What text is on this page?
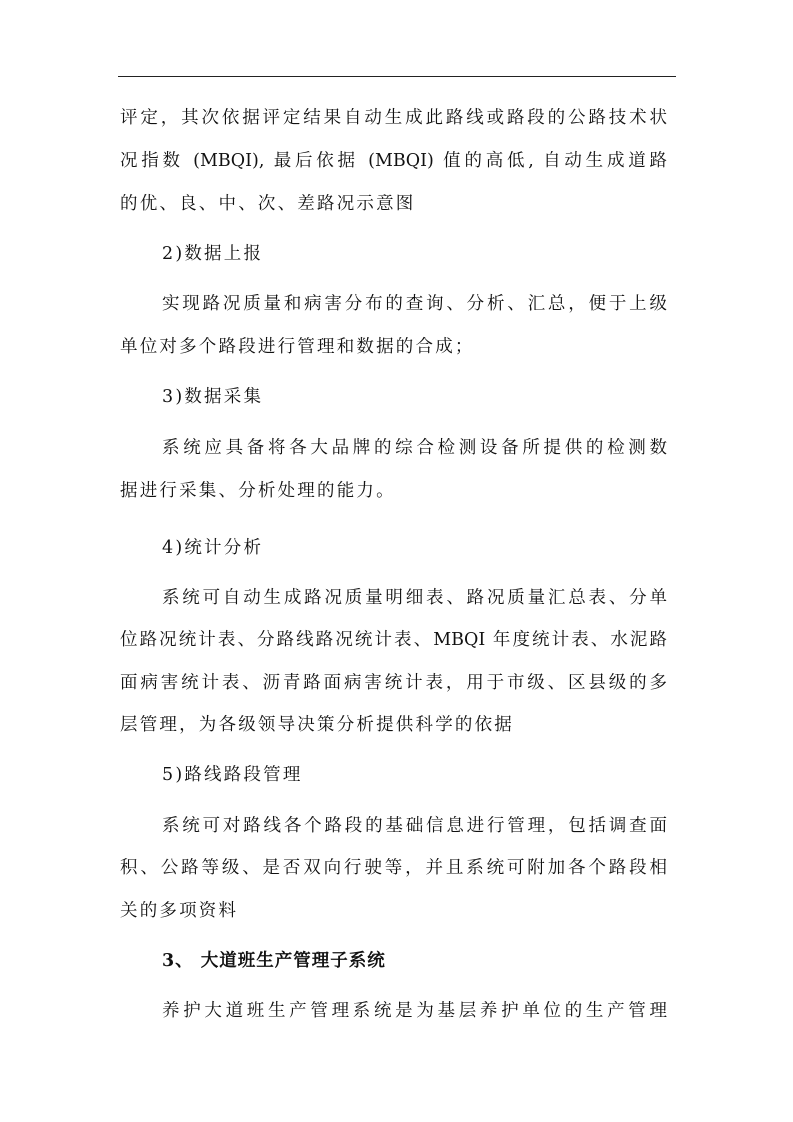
评定，其次依据评定结果自动生成此路线或路段的公路技术状
况指数 (MBQI), 最后依据 (MBQI) 值的高低, 自动生成道路
的优、良、中、次、差路况示意图
2)数据上报
实现路况质量和病害分布的查询、分析、汇总，便于上级
单位对多个路段进行管理和数据的合成；
3)数据采集
系统应具备将各大品牌的综合检测设备所提供的检测数
据进行采集、分析处理的能力。
4)统计分析
系统可自动生成路况质量明细表、路况质量汇总表、分单
位路况统计表、分路线路况统计表、MBQI 年度统计表、水泥路
面病害统计表、沥青路面病害统计表，用于市级、区县级的多
层管理，为各级领导决策分析提供科学的依据
5)路线路段管理
系统可对路线各个路段的基础信息进行管理，包括调查面
积、公路等级、是否双向行驶等，并且系统可附加各个路段相
关的多项资料
3、 大道班生产管理子系统
养护大道班生产管理系统是为基层养护单位的生产管理
